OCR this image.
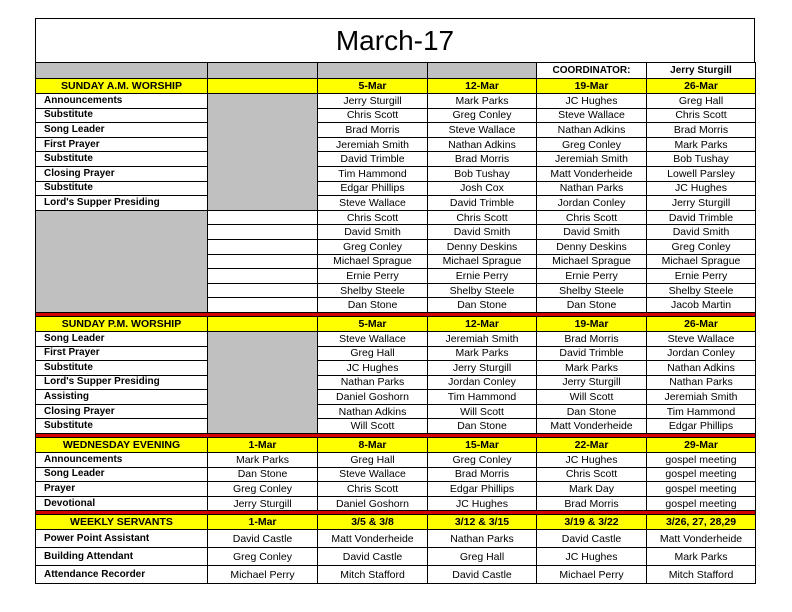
March-17
				COORDINATOR:	Jerry Sturgill
SUNDAY A.M. WORSHIP		5-Mar	12-Mar	19-Mar	26-Mar
Announcements		Jerry Sturgill	Mark Parks	JC Hughes	Greg Hall
Substitute		Chris Scott	Greg Conley	Steve Wallace	Chris Scott
Song Leader		Brad Morris	Steve Wallace	Nathan Adkins	Brad Morris
First Prayer		Jeremiah Smith	Nathan Adkins	Greg Conley	Mark Parks
Substitute		David Trimble	Brad Morris	Jeremiah Smith	Bob Tushay
Closing Prayer		Tim Hammond	Bob Tushay	Matt Vonderheide	Lowell Parsley
Substitute		Edgar Phillips	Josh Cox	Nathan Parks	JC Hughes
Lord's Supper Presiding		Steve Wallace	David Trimble	Jordan Conley	Jerry Sturgill
		Chris Scott	Chris Scott	Chris Scott	David Trimble
		David Smith	David Smith	David Smith	David Smith
		Greg Conley	Denny Deskins	Denny Deskins	Greg Conley
		Michael Sprague	Michael Sprague	Michael Sprague	Michael Sprague
		Ernie Perry	Ernie Perry	Ernie Perry	Ernie Perry
		Shelby Steele	Shelby Steele	Shelby Steele	Shelby Steele
		Dan Stone	Dan Stone	Dan Stone	Jacob Martin

SUNDAY P.M. WORSHIP		5-Mar	12-Mar	19-Mar	26-Mar
Song Leader		Steve Wallace	Jeremiah Smith	Brad Morris	Steve Wallace
First Prayer		Greg Hall	Mark Parks	David Trimble	Jordan Conley
Substitute		JC Hughes	Jerry Sturgill	Mark Parks	Nathan Adkins
Lord's Supper Presiding		Nathan Parks	Jordan Conley	Jerry Sturgill	Nathan Parks
Assisting		Daniel Goshorn	Tim Hammond	Will Scott	Jeremiah Smith
Closing Prayer		Nathan Adkins	Will Scott	Dan Stone	Tim Hammond
Substitute		Will Scott	Dan Stone	Matt Vonderheide	Edgar Phillips

WEDNESDAY EVENING	1-Mar	8-Mar	15-Mar	22-Mar	29-Mar
Announcements	Mark Parks	Greg Hall	Greg Conley	JC Hughes	gospel meeting
Song Leader	Dan Stone	Steve Wallace	Brad Morris	Chris Scott	gospel meeting
Prayer	Greg Conley	Chris Scott	Edgar Phillips	Mark Day	gospel meeting
Devotional	Jerry Sturgill	Daniel Goshorn	JC Hughes	Brad Morris	gospel meeting

WEEKLY SERVANTS	1-Mar	3/5 & 3/8	3/12 & 3/15	3/19 & 3/22	3/26, 27, 28,29
Power Point Assistant	David Castle	Matt Vonderheide	Nathan Parks	David Castle	Matt Vonderheide
Building Attendant	Greg Conley	David Castle	Greg Hall	JC Hughes	Mark Parks
Attendance Recorder	Michael Perry	Mitch Stafford	David Castle	Michael Perry	Mitch Stafford
